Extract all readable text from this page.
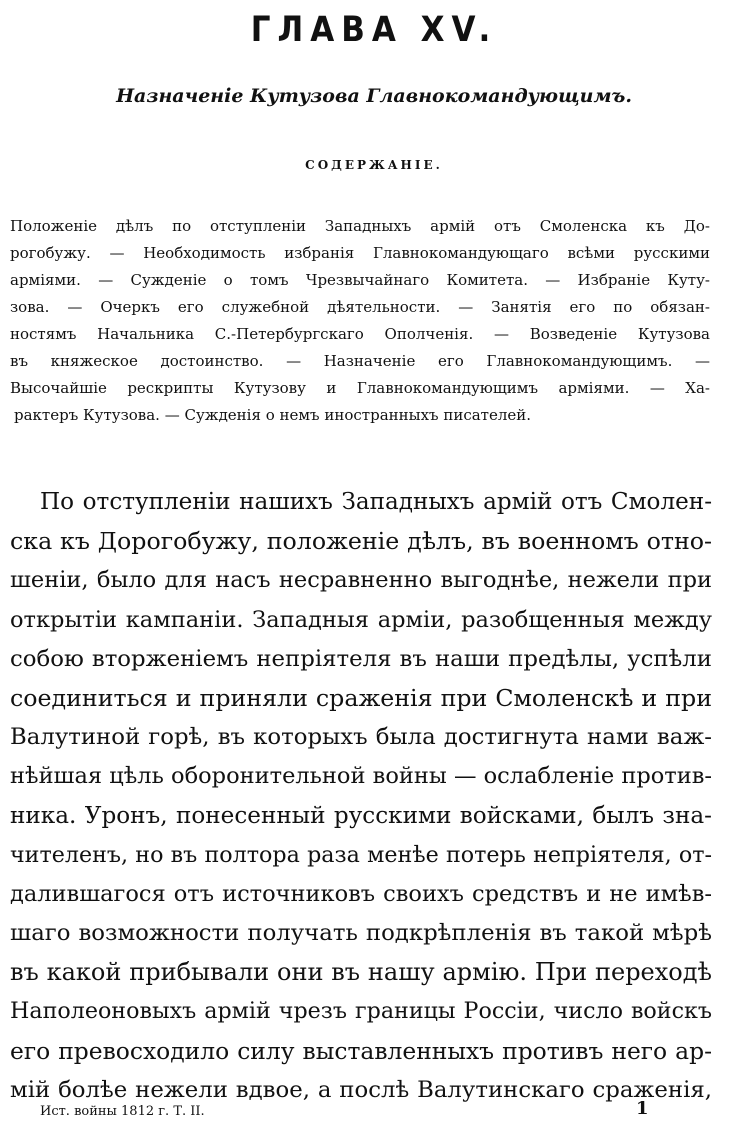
ГЛАВА XV.
Назначеніе Кутузова Главнокомандующимъ.
СОДЕРЖАНІЕ.
Положеніе дѣлъ по отступленіи Западныхъ армій отъ Смоленска къ До-
рогобужу. — Необходимость избранія Главнокомандующаго всѣми русскими
арміями. — Сужденіе о томъ Чрезвычайнаго Комитета. — Избраніе Куту-
зова. — Очеркъ его служебной дѣятельности. — Занятія его по обязан-
ностямъ Начальника С.-Петербургскаго Ополченія. — Возведеніе Кутузова
въ княжеское достоинство. — Назначеніе его Главнокомандующимъ. —
Высочайшіе рескрипты Кутузову и Главнокомандующимъ арміями. — Ха-
рактеръ Кутузова. — Сужденія о немъ иностранныхъ писателей.
По отступленіи нашихъ Западныхъ армій отъ Смолен-
ска къ Дорогобужу, положеніе дѣлъ, въ военномъ отно-
шеніи, было для насъ несравненно выгоднѣе, нежели при
открытіи кампаніи. Западныя арміи, разобщенныя между
собою вторженіемъ непріятеля въ наши предѣлы, успѣли
соединиться и приняли сраженія при Смоленскѣ и при
Валутиной горѣ, въ которыхъ была достигнута нами важ-
нѣйшая цѣль оборонительной войны — ослабленіе против-
ника. Уронъ, понесенный русскими войсками, былъ зна-
чителенъ, но въ полтора раза менѣе потерь непріятеля, от-
далившагося отъ источниковъ своихъ средствъ и не имѣв-
шаго возможности получать подкрѣпленія въ такой мѣрѣ
въ какой прибывали они въ нашу армію. При переходѣ
Наполеоновыхъ армій чрезъ границы Россіи, число войскъ
его превосходило силу выставленныхъ противъ него ар-
мій болѣе нежели вдвое, а послѣ Валутинскаго сраженія,
Ист. войны 1812 г. Т. II.	1
